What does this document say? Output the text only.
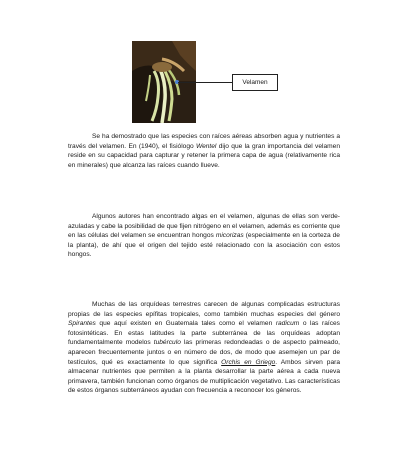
Velamen
Se ha demostrado que las especies con raíces aéreas absorben agua y nutrientes a través del velamen. En (1940), el fisiólogo Wentel dijo que la gran importancia del velamen reside en su capacidad para capturar y retener la primera capa de agua (relativamente rica en minerales) que alcanza las raíces cuando llueve.
Algunos autores han encontrado algas en el velamen, algunas de ellas son verde-azuladas y cabe la posibilidad de que fijen nitrógeno en el velamen, además es corriente que en las células del velamen se encuentran hongos micorizas (especialmente en la corteza de la planta), de ahí que el origen del tejido esté relacionado con la asociación con estos hongos.
Muchas de las orquídeas terrestres carecen de algunas complicadas estructuras propias de las especies epífitas tropicales, como también muchas especies del género Spirantes que aquí existen en Guatemala tales como el velamen radicum o las raíces fotosintéticas. En estas latitudes la parte subterránea de las orquídeas adoptan fundamentalmente modelos tubérculo las primeras redondeadas o de aspecto palmeado, aparecen frecuentemente juntos o en número de dos, de modo que asemejen un par de testículos, qué es exactamente lo que significa Orchis en Griego. Ambos sirven para almacenar nutrientes que permiten a la planta desarrollar la parte aérea a cada nueva primavera, también funcionan como órganos de multiplicación vegetativo. Las características de estos órganos subterráneos ayudan con frecuencia a reconocer los géneros.
